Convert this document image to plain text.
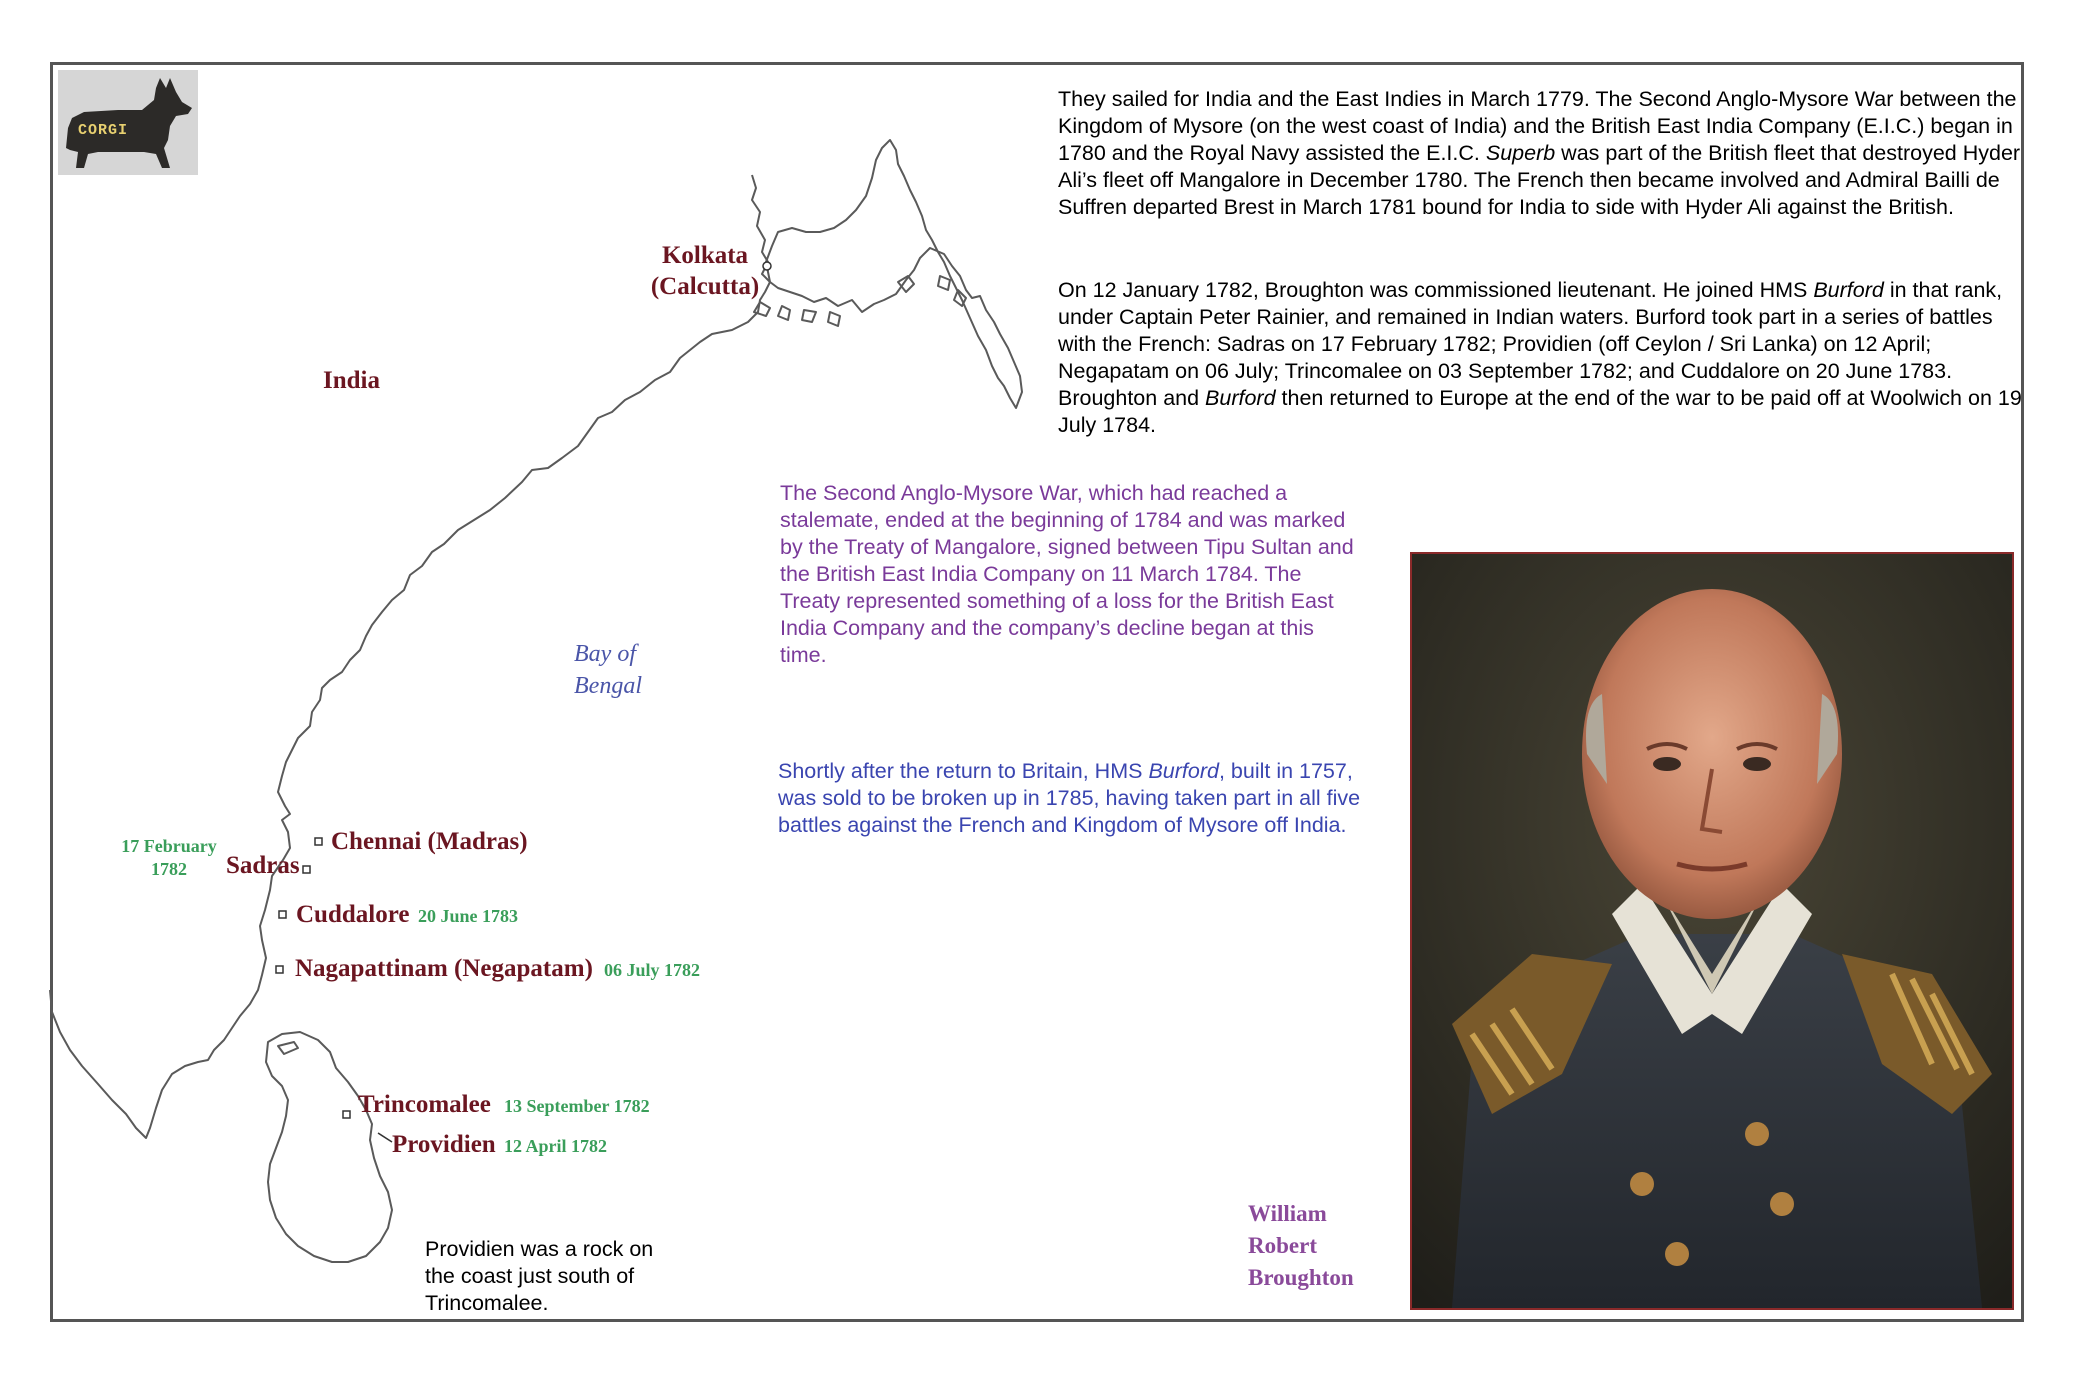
CORGI
Kolkata
(Calcutta)
India
Bay of
Bengal
Chennai (Madras)
Sadras
17 February
1782
Cuddalore 20 June 1783
Nagapattinam (Negapatam) 06 July 1782
Trincomalee 13 September 1782
Providien 12 April 1782
Providien was a rock on
the coast just south of
Trincomalee.
They sailed for India and the East Indies in March 1779. The Second Anglo-Mysore War between the Kingdom of Mysore (on the west coast of India) and the British East India Company (E.I.C.) began in 1780 and the Royal Navy assisted the E.I.C. Superb was part of the British fleet that destroyed Hyder Ali’s fleet off Mangalore in December 1780. The French then became involved and Admiral Bailli de Suffren departed Brest in March 1781 bound for India to side with Hyder Ali against the British.
On 12 January 1782, Broughton was commissioned lieutenant. He joined HMS Burford in that rank, under Captain Peter Rainier, and remained in Indian waters. Burford took part in a series of battles with the French: Sadras on 17 February 1782; Providien (off Ceylon / Sri Lanka) on 12 April; Negapatam on 06 July; Trincomalee on 03 September 1782; and Cuddalore on 20 June 1783. Broughton and Burford then returned to Europe at the end of the war to be paid off at Woolwich on 19 July 1784.
The Second Anglo-Mysore War, which had reached a stalemate, ended at the beginning of 1784 and was marked by the Treaty of Mangalore, signed between Tipu Sultan and the British East India Company on 11 March 1784. The Treaty represented something of a loss for the British East India Company and the company’s decline began at this time.
Shortly after the return to Britain, HMS Burford, built in 1757, was sold to be broken up in 1785, having taken part in all five battles against the French and Kingdom of Mysore off India.
William
Robert
Broughton
